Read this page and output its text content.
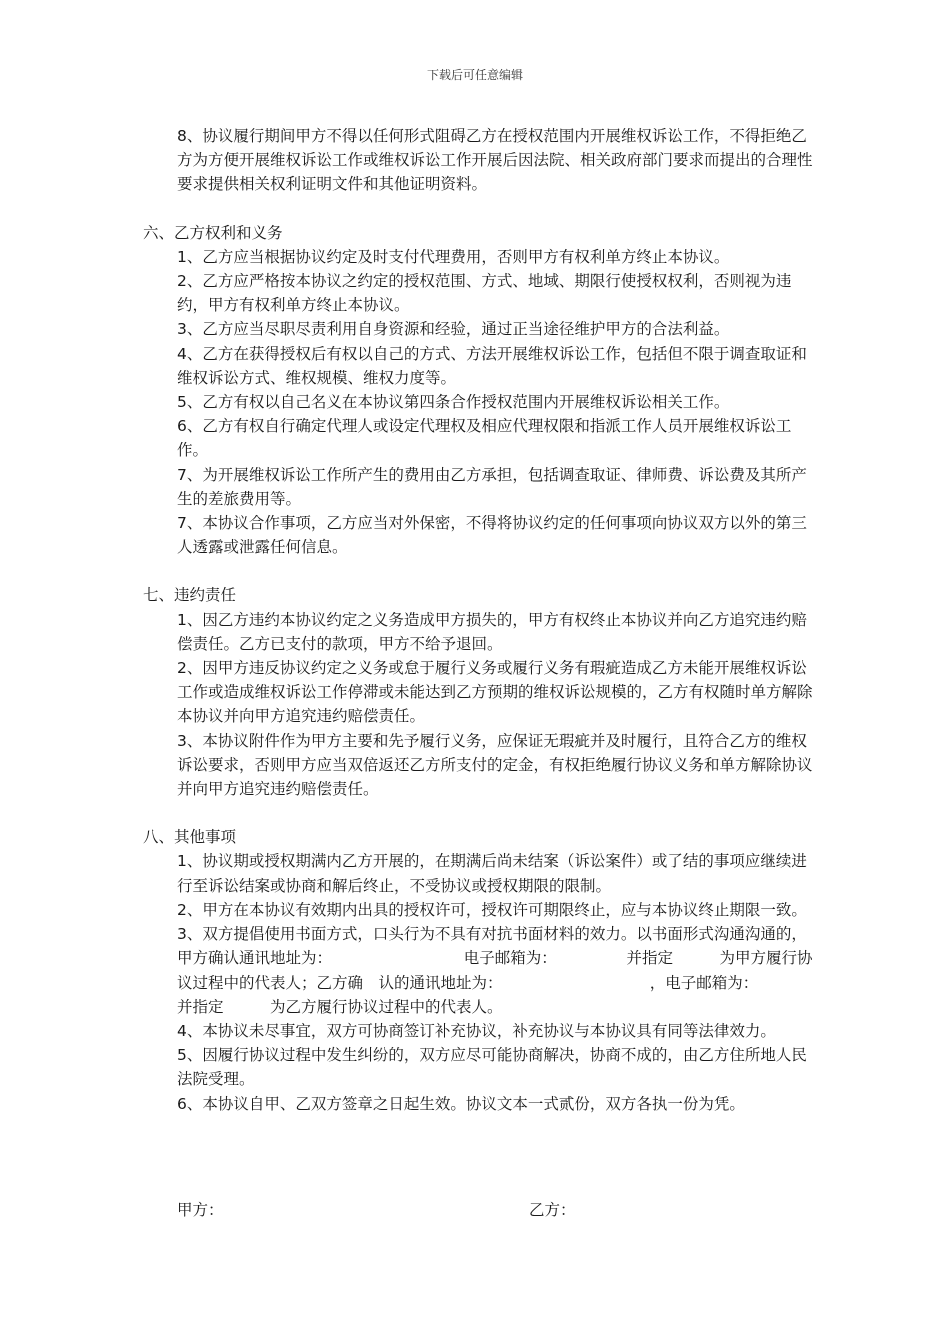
下载后可任意编辑

8、协议履行期间甲方不得以任何形式阻碍乙方在授权范围内开展维权诉讼工作，不得拒绝乙方为方便开展维权诉讼工作或维权诉讼工作开展后因法院、相关政府部门要求而提出的合理性要求提供相关权利证明文件和其他证明资料。

六、乙方权利和义务

1、乙方应当根据协议约定及时支付代理费用，否则甲方有权利单方终止本协议。

2、乙方应严格按本协议之约定的授权范围、方式、地域、期限行使授权权利，否则视为违约，甲方有权利单方终止本协议。

3、乙方应当尽职尽责利用自身资源和经验，通过正当途径维护甲方的合法利益。

4、乙方在获得授权后有权以自己的方式、方法开展维权诉讼工作，包括但不限于调查取证和维权诉讼方式、维权规模、维权力度等。

5、乙方有权以自己名义在本协议第四条合作授权范围内开展维权诉讼相关工作。

6、乙方有权自行确定代理人或设定代理权及相应代理权限和指派工作人员开展维权诉讼工作。

7、为开展维权诉讼工作所产生的费用由乙方承担，包括调查取证、律师费、诉讼费及其所产生的差旅费用等。

7、本协议合作事项，乙方应当对外保密，不得将协议约定的任何事项向协议双方以外的第三人透露或泄露任何信息。

七、违约责任

1、因乙方违约本协议约定之义务造成甲方损失的，甲方有权终止本协议并向乙方追究违约赔偿责任。乙方已支付的款项，甲方不给予退回。

2、因甲方违反协议约定之义务或怠于履行义务或履行义务有瑕疵造成乙方未能开展维权诉讼工作或造成维权诉讼工作停滞或未能达到乙方预期的维权诉讼规模的，乙方有权随时单方解除本协议并向甲方追究违约赔偿责任。

3、本协议附件作为甲方主要和先予履行义务，应保证无瑕疵并及时履行，且符合乙方的维权诉讼要求，否则甲方应当双倍返还乙方所支付的定金，有权拒绝履行协议义务和单方解除协议并向甲方追究违约赔偿责任。

八、其他事项

1、协议期或授权期满内乙方开展的，在期满后尚未结案（诉讼案件）或了结的事项应继续进行至诉讼结案或协商和解后终止，不受协议或授权期限的限制。

2、甲方在本协议有效期内出具的授权许可，授权许可期限终止，应与本协议终止期限一致。

3、双方提倡使用书面方式，口头行为不具有对抗书面材料的效力。以书面形式沟通沟通的，甲方确认通讯地址为：　　　　　　　　　电子邮箱为：　　　　　并指定　　　为甲方履行协议过程中的代表人；乙方确　认的通讯地址为：　　　　　　　　　　，电子邮箱为：　　　　并指定　　　为乙方履行协议过程中的代表人。

4、本协议未尽事宜，双方可协商签订补充协议，补充协议与本协议具有同等法律效力。

5、因履行协议过程中发生纠纷的，双方应尽可能协商解决，协商不成的，由乙方住所地人民法院受理。

6、本协议自甲、乙双方签章之日起生效。协议文本一式贰份，双方各执一份为凭。

甲方：	乙方：
